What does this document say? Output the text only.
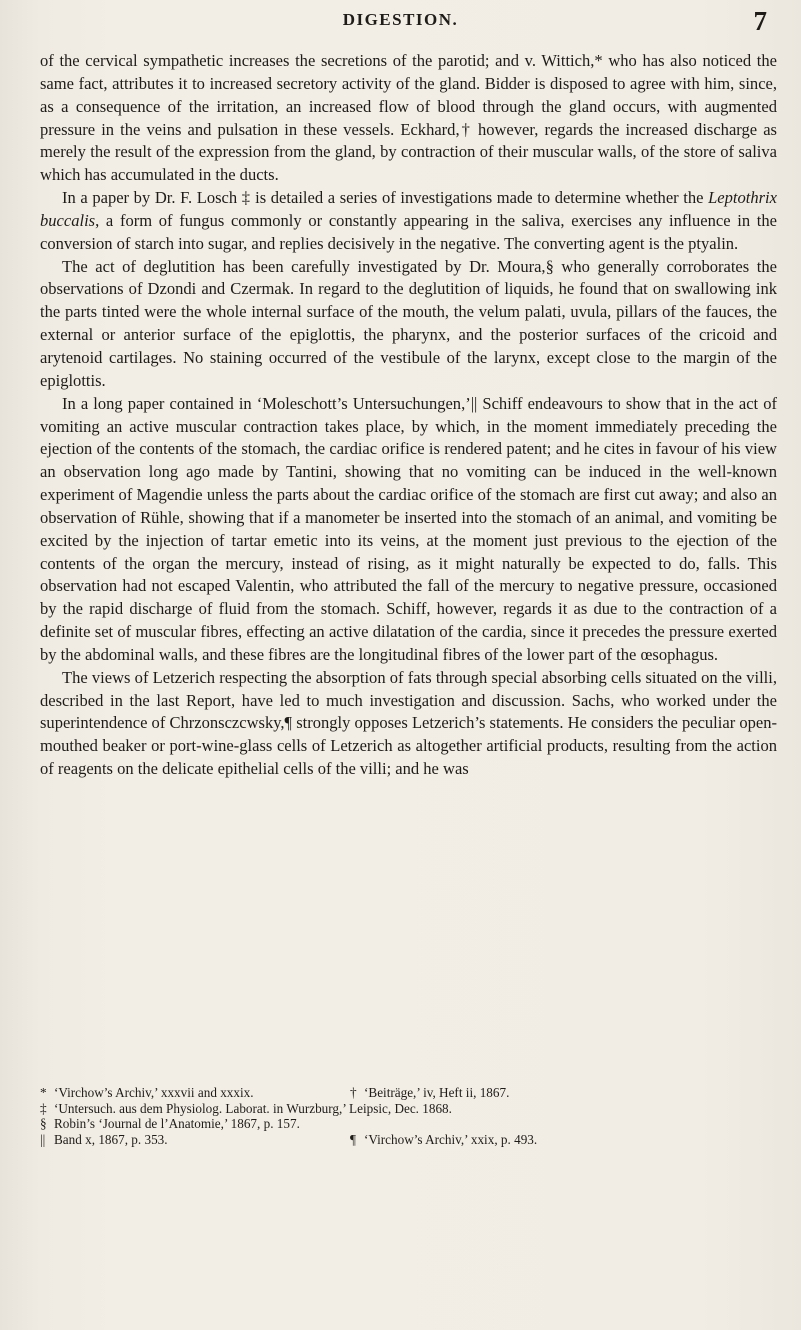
DIGESTION.	7

of the cervical sympathetic increases the secretions of the parotid; and v. Wittich,* who has also noticed the same fact, attributes it to increased secretory activity of the gland. Bidder is disposed to agree with him, since, as a consequence of the irritation, an increased flow of blood through the gland occurs, with augmented pressure in the veins and pulsation in these vessels. Eckhard,† however, regards the increased discharge as merely the result of the expression from the gland, by contraction of their muscular walls, of the store of saliva which has accumulated in the ducts.

In a paper by Dr. F. Losch ‡ is detailed a series of investigations made to determine whether the Leptothrix buccalis, a form of fungus commonly or constantly appearing in the saliva, exercises any influence in the conversion of starch into sugar, and replies decisively in the negative. The converting agent is the ptyalin.

The act of deglutition has been carefully investigated by Dr. Moura,§ who generally corroborates the observations of Dzondi and Czermak. In regard to the deglutition of liquids, he found that on swallowing ink the parts tinted were the whole internal surface of the mouth, the velum palati, uvula, pillars of the fauces, the external or anterior surface of the epiglottis, the pharynx, and the posterior surfaces of the cricoid and arytenoid cartilages. No staining occurred of the vestibule of the larynx, except close to the margin of the epiglottis.

In a long paper contained in ‘Moleschott’s Untersuchungen,’|| Schiff endeavours to show that in the act of vomiting an active muscular contraction takes place, by which, in the moment immediately preceding the ejection of the contents of the stomach, the cardiac orifice is rendered patent; and he cites in favour of his view an observation long ago made by Tantini, showing that no vomiting can be induced in the well-known experiment of Magendie unless the parts about the cardiac orifice of the stomach are first cut away; and also an observation of Rühle, showing that if a manometer be inserted into the stomach of an animal, and vomiting be excited by the injection of tartar emetic into its veins, at the moment just previous to the ejection of the contents of the organ the mercury, instead of rising, as it might naturally be expected to do, falls. This observation had not escaped Valentin, who attributed the fall of the mercury to negative pressure, occasioned by the rapid discharge of fluid from the stomach. Schiff, however, regards it as due to the contraction of a definite set of muscular fibres, effecting an active dilatation of the cardia, since it precedes the pressure exerted by the abdominal walls, and these fibres are the longitudinal fibres of the lower part of the œsophagus.

The views of Letzerich respecting the absorption of fats through special absorbing cells situated on the villi, described in the last Report, have led to much investigation and discussion. Sachs, who worked under the superintendence of Chrzonsczcwsky,¶ strongly opposes Letzerich’s statements. He considers the peculiar open-mouthed beaker or port-wine-glass cells of Letzerich as altogether artificial products, resulting from the action of reagents on the delicate epithelial cells of the villi; and he was

* ‘Virchow’s Archiv,’ xxxvii and xxxix.	† ‘Beiträge,’ iv, Heft ii, 1867.
‡ ‘Untersuch. aus dem Physiolog. Laborat. in Wurzburg,’ Leipsic, Dec. 1868.
§ Robin’s ‘Journal de l’Anatomie,’ 1867, p. 157.
|| Band x, 1867, p. 353.	¶ ‘Virchow’s Archiv,’ xxix, p. 493.
